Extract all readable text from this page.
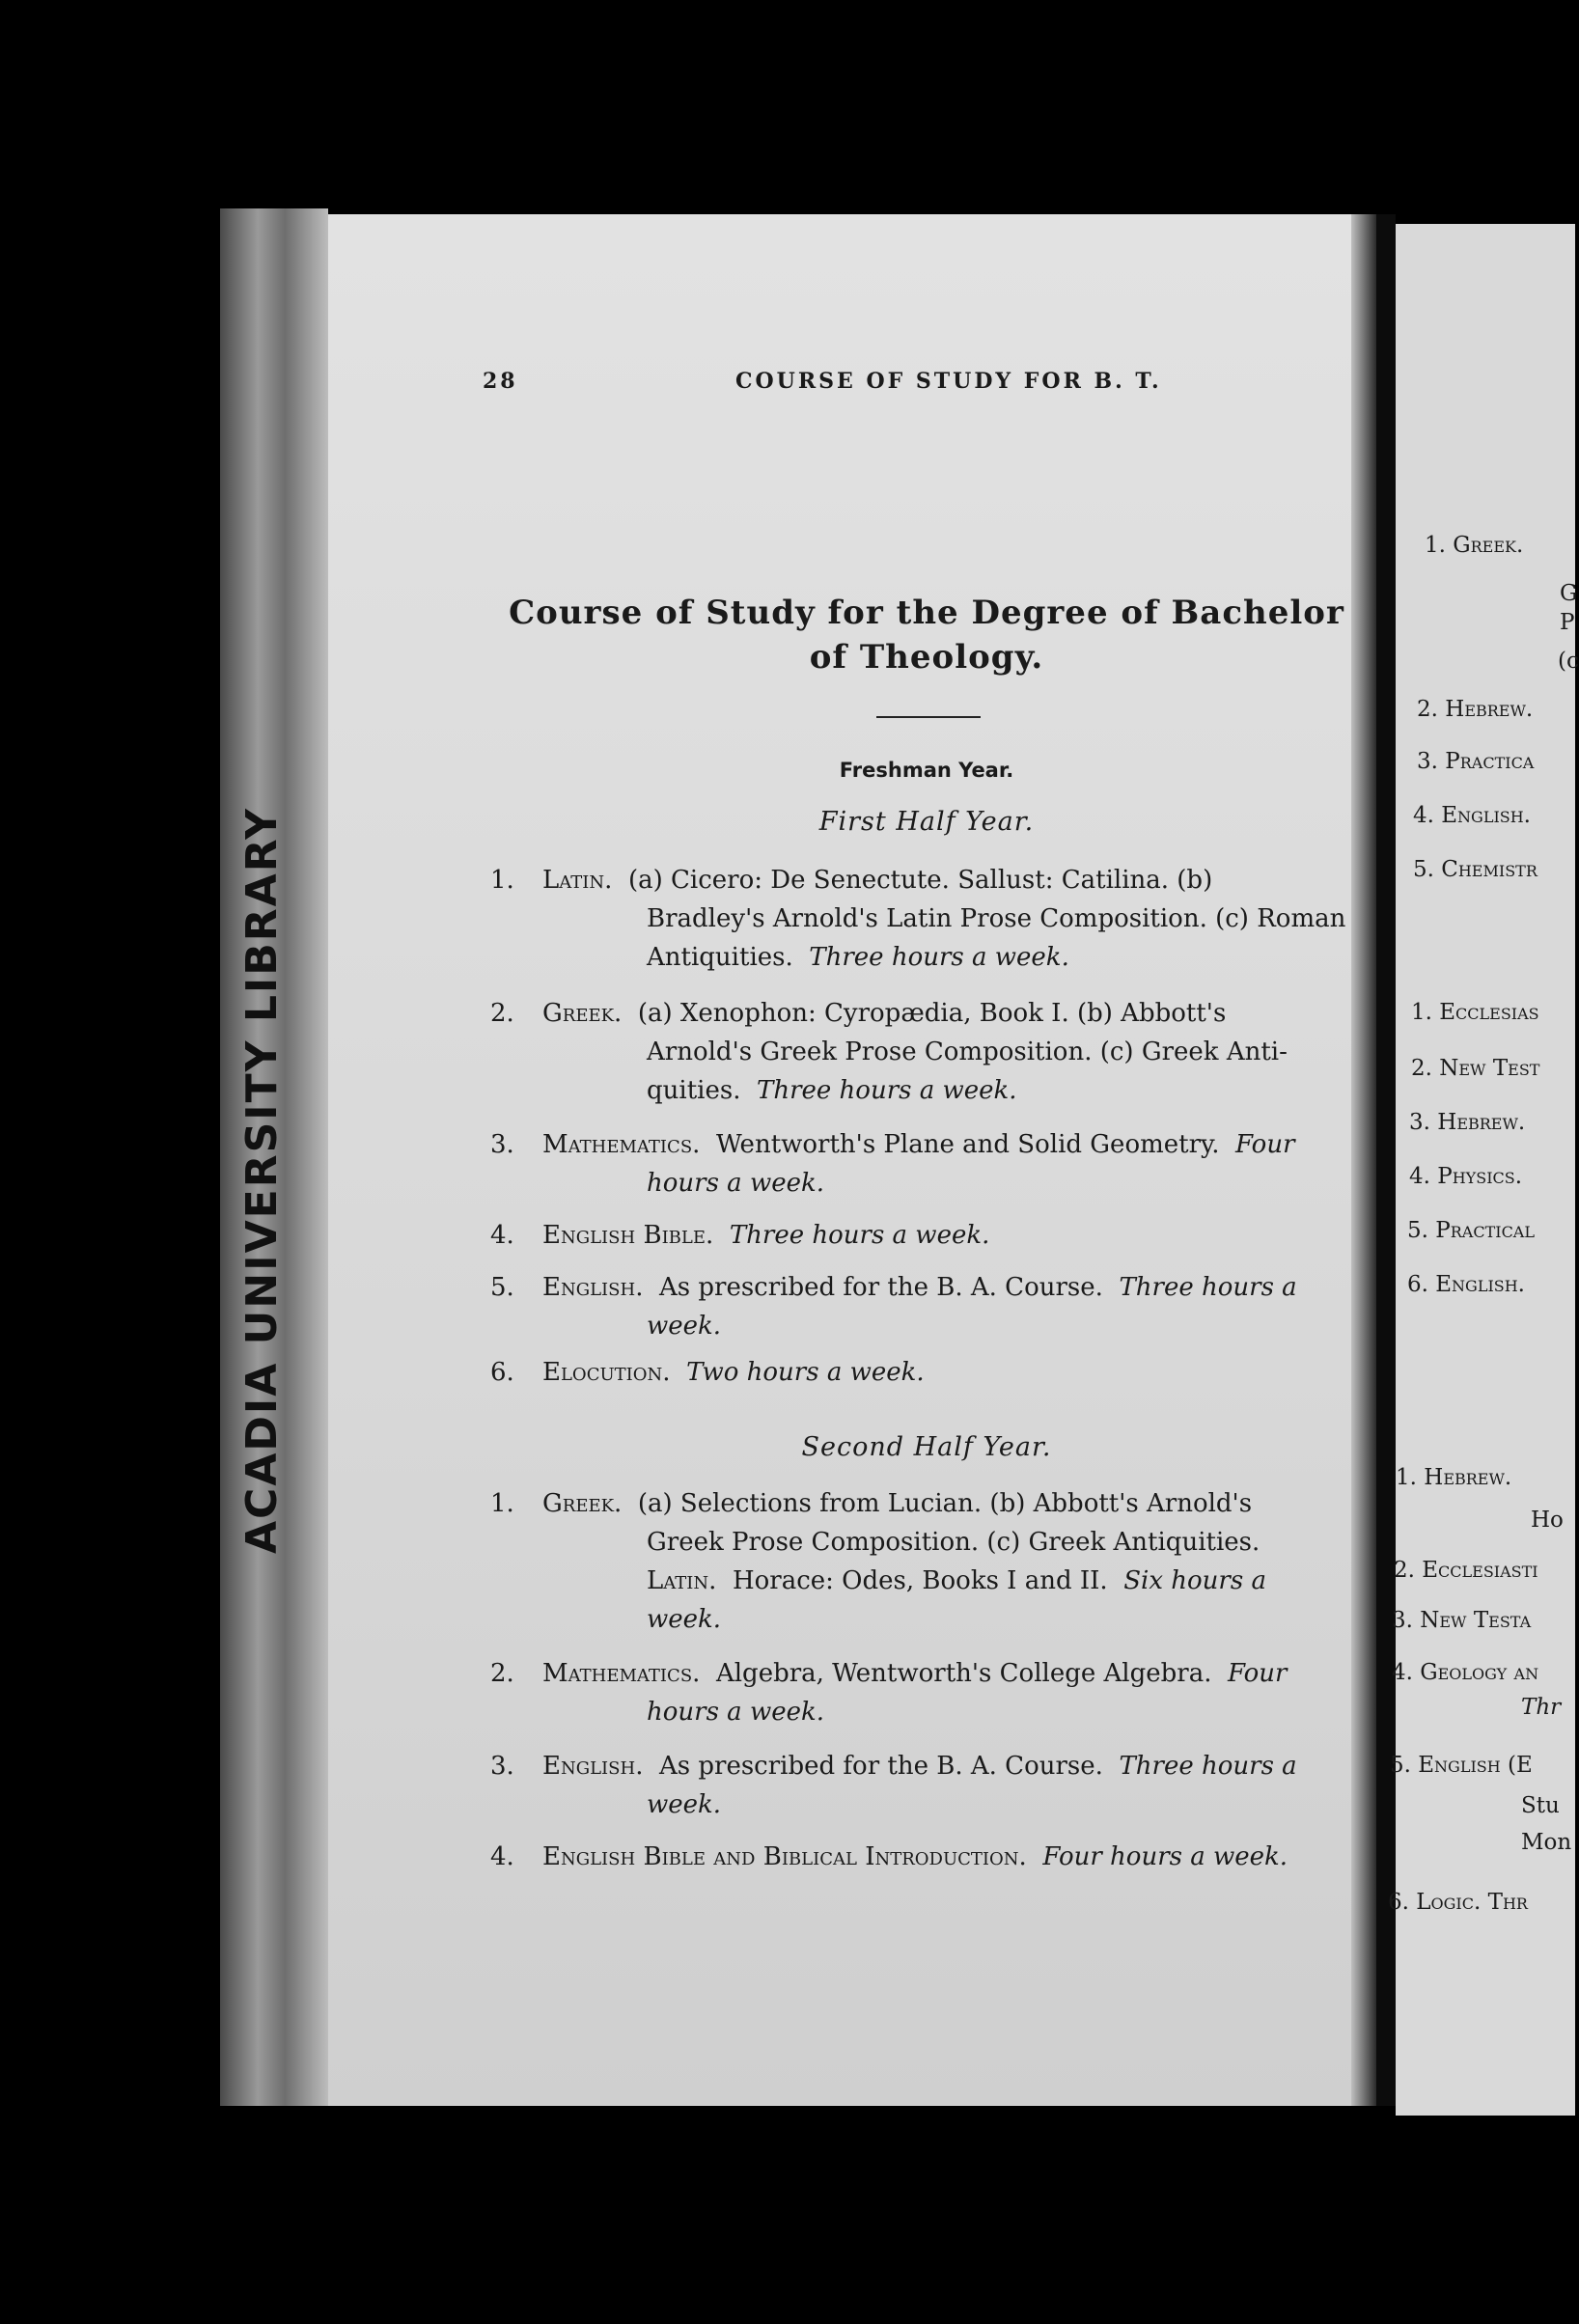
ACADIA UNIVERSITY LIBRARY
28	COURSE OF STUDY FOR B. T.
Course of Study for the Degree of Bachelor
of Theology.
Freshman Year.
First Half Year.
1. Latin. (a) Cicero: De Senectute. Sallust: Catilina. (b)
Bradley's Arnold's Latin Prose Composition. (c) Roman
Antiquities. Three hours a week.
2. Greek. (a) Xenophon: Cyropædia, Book I. (b) Abbott's
Arnold's Greek Prose Composition. (c) Greek Anti-
quities. Three hours a week.
3. Mathematics. Wentworth's Plane and Solid Geometry. Four
hours a week.
4. English Bible. Three hours a week.
5. English. As prescribed for the B. A. Course. Three hours a
week.
6. Elocution. Two hours a week.
Second Half Year.
1. Greek. (a) Selections from Lucian. (b) Abbott's Arnold's
Greek Prose Composition. (c) Greek Antiquities.
Latin. Horace: Odes, Books I and II. Six hours a
week.
2. Mathematics. Algebra, Wentworth's College Algebra. Four
hours a week.
3. English. As prescribed for the B. A. Course. Three hours a
week.
4. English Bible and Biblical Introduction. Four hours a week.
1. Greek.
G
P
(c
2. Hebrew.
3. Practica
4. English.
5. Chemistr
1. Ecclesias
2. New Test
3. Hebrew.
4. Physics.
5. Practical
6. English.
1. Hebrew.
Ho
2. Ecclesiasti
3. New Testa
4. Geology an
Thr
5. English (E
Stu
Mon
6. Logic. Thr
